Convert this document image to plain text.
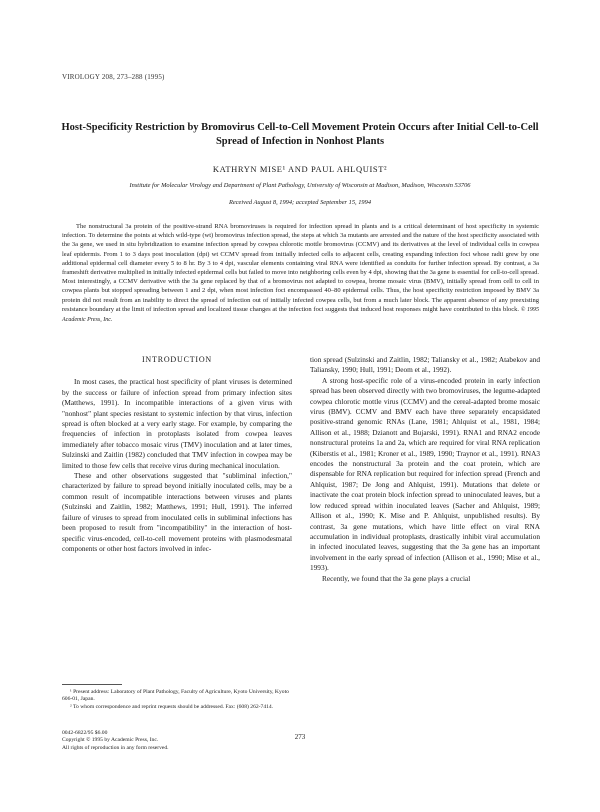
VIROLOGY 208, 273–288 (1995)
Host-Specificity Restriction by Bromovirus Cell-to-Cell Movement Protein Occurs after Initial Cell-to-Cell Spread of Infection in Nonhost Plants
KATHRYN MISE¹ AND PAUL AHLQUIST²
Institute for Molecular Virology and Department of Plant Pathology, University of Wisconsin at Madison, Madison, Wisconsin 53706
Received August 8, 1994; accepted September 15, 1994

The nonstructural 3a protein of the positive-strand RNA bromoviruses is required for infection spread in plants and is a critical determinant of host specificity in systemic infection. To determine the points at which wild-type (wt) bromovirus infection spread, the steps at which 3a mutants are arrested and the nature of the host specificity associated with the 3a gene, we used in situ hybridization to examine infection spread by cowpea chlorotic mottle bromovirus (CCMV) and its derivatives at the level of individual cells in cowpea leaf epidermis. From 1 to 3 days post inoculation (dpi) wt CCMV spread from initially infected cells to adjacent cells, creating expanding infection foci whose radii grew by one additional epidermal cell diameter every 5 to 8 hr. By 3 to 4 dpi, vascular elements containing viral RNA were identified as conduits for further infection spread. By contrast, a 3a frameshift derivative multiplied in initially infected epidermal cells but failed to move into neighboring cells even by 4 dpi, showing that the 3a gene is essential for cell-to-cell spread. Most interestingly, a CCMV derivative with the 3a gene replaced by that of a bromovirus not adapted to cowpea, brome mosaic virus (BMV), initially spread from cell to cell in cowpea plants but stopped spreading between 1 and 2 dpi, when most infection foci encompassed 40–80 epidermal cells. Thus, the host specificity restriction imposed by BMV 3a protein did not result from an inability to direct the spread of infection out of initially infected cowpea cells, but from a much later block. The apparent absence of any preexisting resistance boundary at the limit of infection spread and localized tissue changes at the infection foci suggests that induced host responses might have contributed to this block. © 1995 Academic Press, Inc.

INTRODUCTION

In most cases, the practical host specificity of plant viruses is determined by the success or failure of infection spread from primary infection sites (Matthews, 1991). In incompatible interactions of a given virus with "nonhost" plant species resistant to systemic infection by that virus, infection spread is often blocked at a very early stage. For example, by comparing the frequencies of infection in protoplasts isolated from cowpea leaves immediately after tobacco mosaic virus (TMV) inoculation and at later times, Sulzinski and Zaitlin (1982) concluded that TMV infection in cowpea may be limited to those few cells that receive virus during mechanical inoculation.

These and other observations suggested that "subliminal infection," characterized by failure to spread beyond initially inoculated cells, may be a common result of incompatible interactions between viruses and plants (Sulzinski and Zaitlin, 1982; Matthews, 1991; Hull, 1991). The inferred failure of viruses to spread from inoculated cells in subliminal infections has been proposed to result from "incompatibility" in the interaction of host-specific virus-encoded, cell-to-cell movement proteins with plasmodesmatal components or other host factors involved in infec-

tion spread (Sulzinski and Zaitlin, 1982; Taliansky et al., 1982; Atabekov and Taliansky, 1990; Hull, 1991; Deom et al., 1992).

A strong host-specific role of a virus-encoded protein in early infection spread has been observed directly with two bromoviruses, the legume-adapted cowpea chlorotic mottle virus (CCMV) and the cereal-adapted brome mosaic virus (BMV). CCMV and BMV each have three separately encapsidated positive-strand genomic RNAs (Lane, 1981; Ahlquist et al., 1981, 1984; Allison et al., 1988; Dzianott and Bujarski, 1991). RNA1 and RNA2 encode nonstructural proteins 1a and 2a, which are required for viral RNA replication (Kiberstis et al., 1981; Kroner et al., 1989, 1990; Traynor et al., 1991). RNA3 encodes the nonstructural 3a protein and the coat protein, which are dispensable for RNA replication but required for infection spread (French and Ahlquist, 1987; De Jong and Ahlquist, 1991). Mutations that delete or inactivate the coat protein block infection spread to uninoculated leaves, but a low reduced spread within inoculated leaves (Sacher and Ahlquist, 1989; Allison et al., 1990; K. Mise and P. Ahlquist, unpublished results). By contrast, 3a gene mutations, which have little effect on viral RNA accumulation in individual protoplasts, drastically inhibit viral accumulation in infected inoculated leaves, suggesting that the 3a gene has an important involvement in the early spread of infection (Allison et al., 1990; Mise et al., 1993).

Recently, we found that the 3a gene plays a crucial

¹ Present address: Laboratory of Plant Pathology, Faculty of Agriculture, Kyoto University, Kyoto 606-01, Japan.

² To whom correspondence and reprint requests should be addressed. Fax: (608) 262-7414.

0042-6822/95 $6.00
Copyright © 1995 by Academic Press, Inc.
All rights of reproduction in any form reserved.
273
